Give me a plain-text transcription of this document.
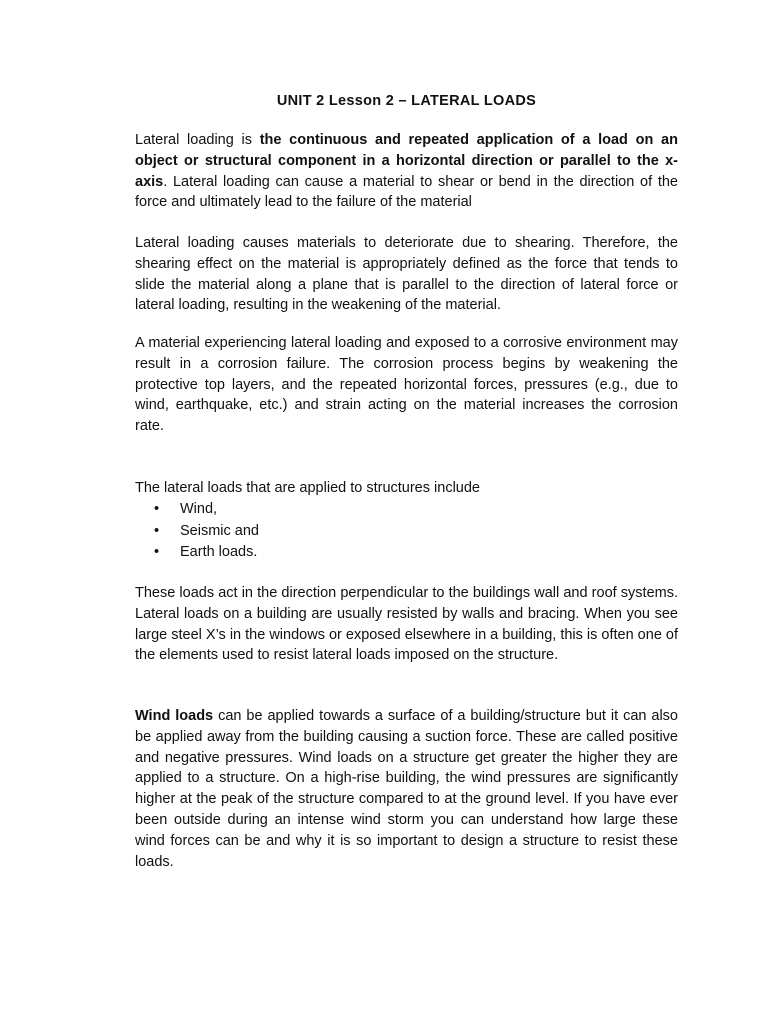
UNIT 2 Lesson 2 – LATERAL LOADS

Lateral loading is the continuous and repeated application of a load on an object or structural component in a horizontal direction or parallel to the x-axis. Lateral loading can cause a material to shear or bend in the direction of the force and ultimately lead to the failure of the material

Lateral loading causes materials to deteriorate due to shearing. Therefore, the shearing effect on the material is appropriately defined as the force that tends to slide the material along a plane that is parallel to the direction of lateral force or lateral loading, resulting in the weakening of the material.

A material experiencing lateral loading and exposed to a corrosive environment may result in a corrosion failure. The corrosion process begins by weakening the protective top layers, and the repeated horizontal forces, pressures (e.g., due to wind, earthquake, etc.) and strain acting on the material increases the corrosion rate.

The lateral loads that are applied to structures include

• Wind,
• Seismic and
• Earth loads.

These loads act in the direction perpendicular to the buildings wall and roof systems. Lateral loads on a building are usually resisted by walls and bracing. When you see large steel X’s in the windows or exposed elsewhere in a building, this is often one of the elements used to resist lateral loads imposed on the structure.

Wind loads can be applied towards a surface of a building/structure but it can also be applied away from the building causing a suction force. These are called positive and negative pressures. Wind loads on a structure get greater the higher they are applied to a structure. On a high-rise building, the wind pressures are significantly higher at the peak of the structure compared to at the ground level. If you have ever been outside during an intense wind storm you can understand how large these wind forces can be and why it is so important to design a structure to resist these loads.
